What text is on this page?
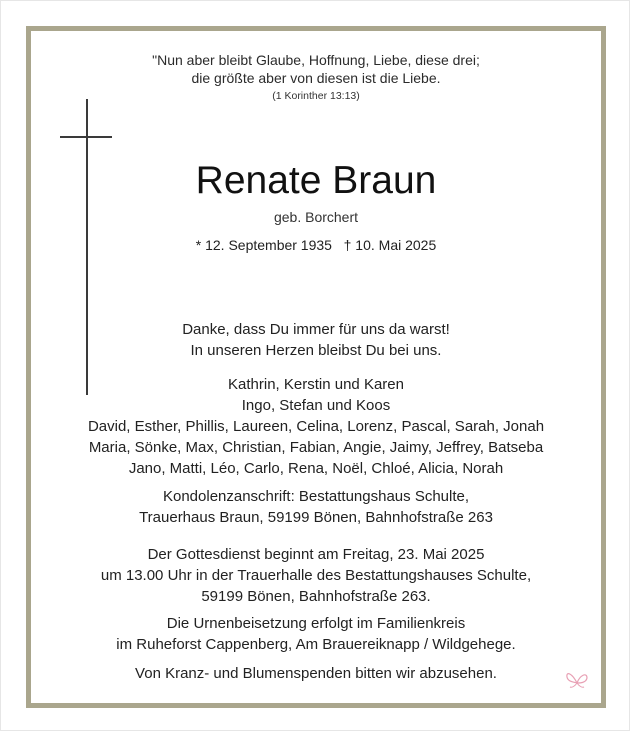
"Nun aber bleibt Glaube, Hoffnung, Liebe, diese drei;
die größte aber von diesen ist die Liebe.
(1 Korinther 13:13)
Renate Braun
geb. Borchert
* 12. September 1935   † 10. Mai 2025
Danke, dass Du immer für uns da warst!
In unseren Herzen bleibst Du bei uns.
Kathrin, Kerstin und Karen
Ingo, Stefan und Koos
David, Esther, Phillis, Laureen, Celina, Lorenz, Pascal, Sarah, Jonah
Maria, Sönke, Max, Christian, Fabian, Angie, Jaimy, Jeffrey, Batseba
Jano, Matti, Léo, Carlo, Rena, Noël, Chloé, Alicia, Norah
Kondolenzanschrift: Bestattungshaus Schulte,
Trauerhaus Braun, 59199 Bönen, Bahnhofstraße 263
Der Gottesdienst beginnt am Freitag, 23. Mai 2025
um 13.00 Uhr in der Trauerhalle des Bestattungshauses Schulte,
59199 Bönen, Bahnhofstraße 263.
Die Urnenbeisetzung erfolgt im Familienkreis
im Ruheforst Cappenberg, Am Brauereiknapp / Wildgehege.
Von Kranz- und Blumenspenden bitten wir abzusehen.
